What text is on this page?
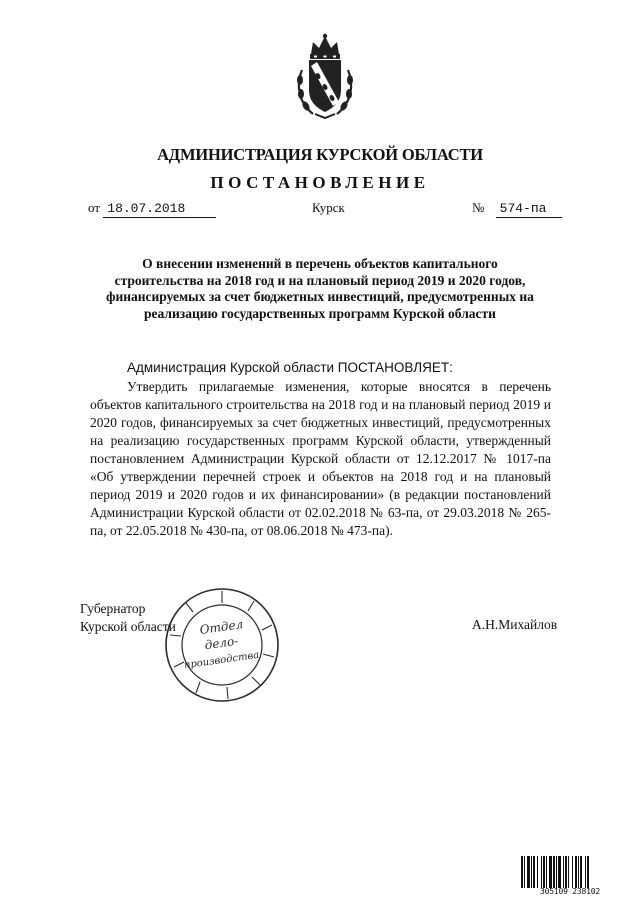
АДМИНИСТРАЦИЯ КУРСКОЙ ОБЛАСТИ
ПОСТАНОВЛЕНИЕ
от 18.07.2018	Курск	№ 574-па
О внесении изменений в перечень объектов капитального строительства на 2018 год и на плановый период 2019 и 2020 годов, финансируемых за счет бюджетных инвестиций, предусмотренных на реализацию государственных программ Курской области
Администрация Курской области ПОСТАНОВЛЯЕТ:
Утвердить прилагаемые изменения, которые вносятся в перечень объектов капитального строительства на 2018 год и на плановый период 2019 и 2020 годов, финансируемых за счет бюджетных инвестиций, предусмотренных на реализацию государственных программ Курской области, утвержденный постановлением Администрации Курской области от 12.12.2017 № 1017-па «Об утверждении перечней строек и объектов на 2018 год и на плановый период 2019 и 2020 годов и их финансировании» (в редакции постановлений Администрации Курской области от 02.02.2018 № 63-па, от 29.03.2018 № 265-па, от 22.05.2018 № 430-па, от 08.06.2018 № 473-па).
Губернатор
Курской области Отдел
дело-
производства
А.Н.Михайлов
305109 238102
